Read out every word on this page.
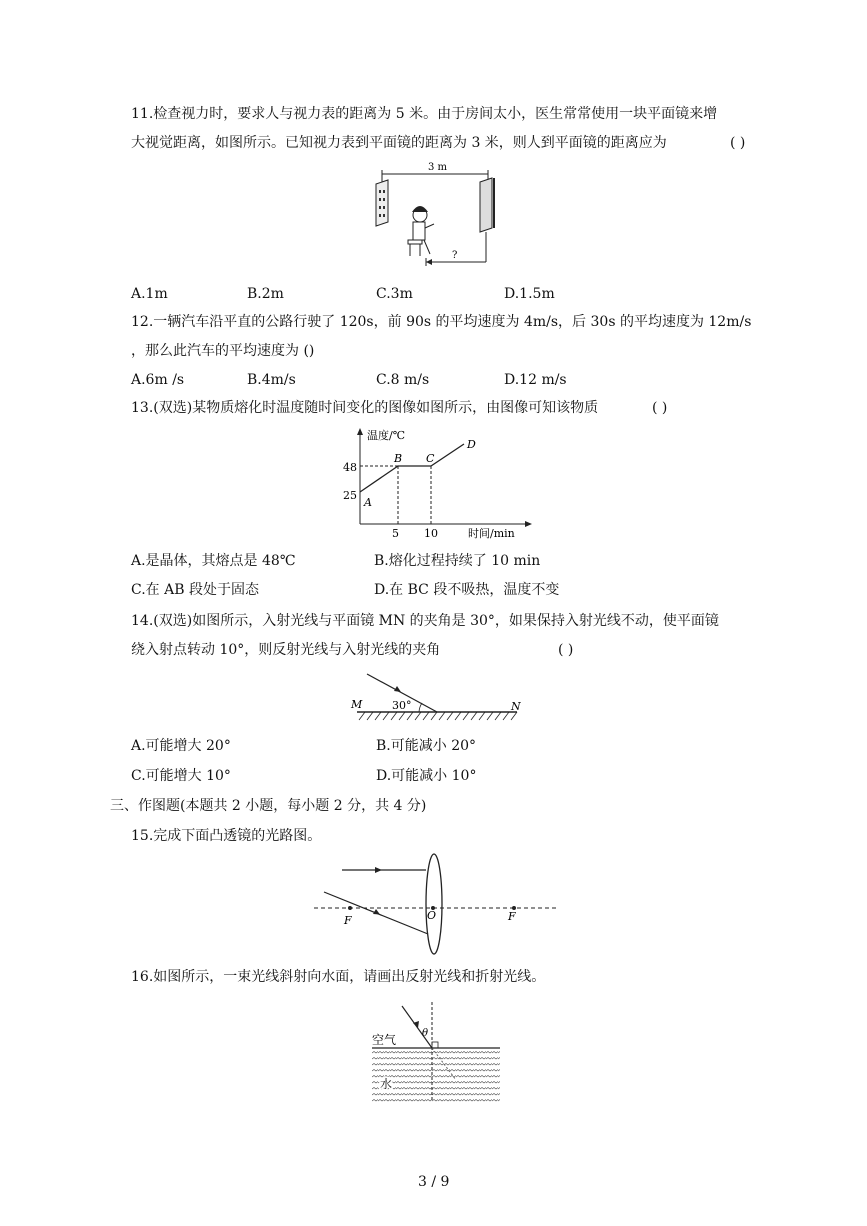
11.检查视力时，要求人与视力表的距离为 5 米。由于房间太小，医生常常使用一块平面镜来增
大视觉距离，如图所示。已知视力表到平面镜的距离为 3 米，则人到平面镜的距离应为	( )
3 m
?
A.1m	B.2m	C.3m	D.1.5m
12.一辆汽车沿平直的公路行驶了 120s，前 90s 的平均速度为 4m/s，后 30s 的平均速度为 12m/s
，那么此汽车的平均速度为 ()
A.6m /s	B.4m/s	C.8 m/s	D.12 m/s
13.(双选)某物质熔化时温度随时间变化的图像如图所示，由图像可知该物质	( )
温度/℃
时间/min
48
25
5 10
A
B C
D
A.是晶体，其熔点是 48℃	B.熔化过程持续了 10 min
C.在 AB 段处于固态	D.在 BC 段不吸热，温度不变
14.(双选)如图所示，入射光线与平面镜 MN 的夹角是 30°，如果保持入射光线不动，使平面镜
绕入射点转动 10°，则反射光线与入射光线的夹角	( )
30°
M	N
A.可能增大 20°	B.可能减小 20°
C.可能增大 10°	D.可能减小 10°
三、作图题(本题共 2 小题，每小题 2 分，共 4 分)
15.完成下面凸透镜的光路图。
F	O	F
16.如图所示，一束光线斜射向水面，请画出反射光线和折射光线。
θ
空气
水
3 / 9
